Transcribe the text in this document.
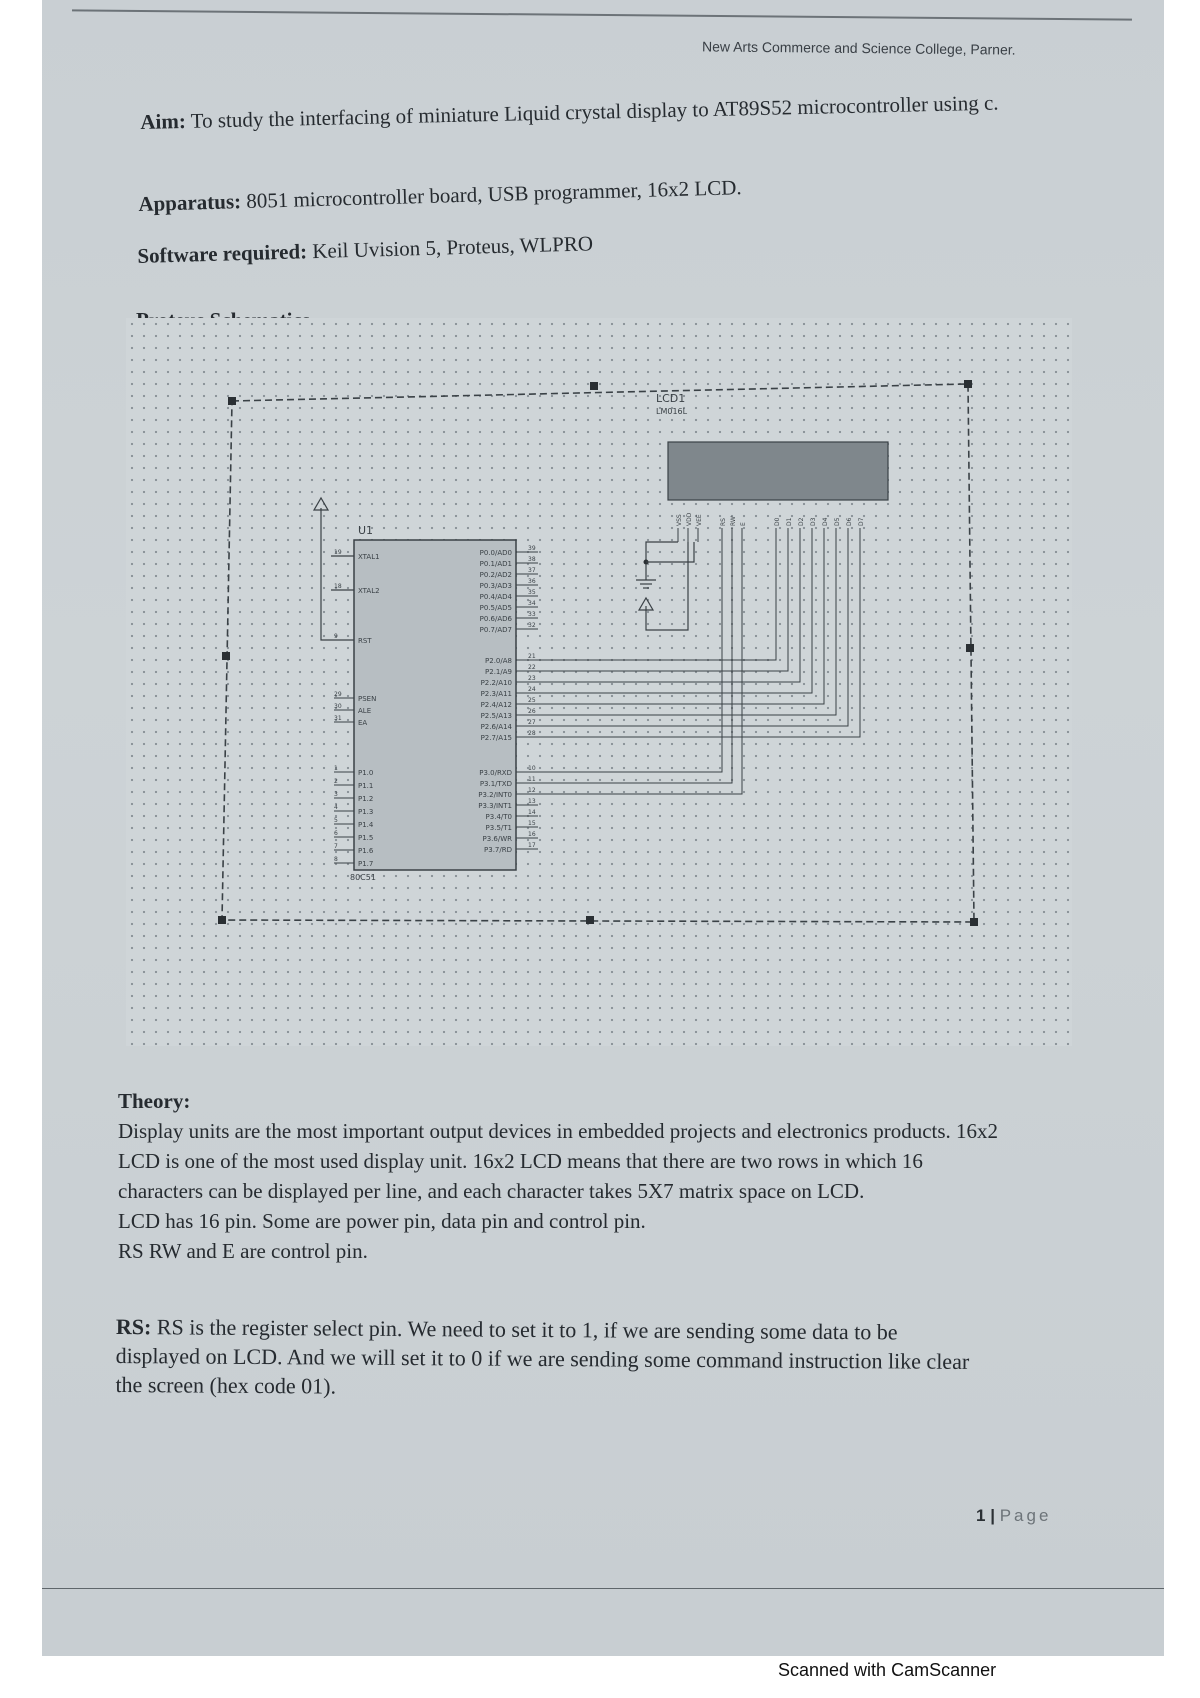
New Arts Commerce and Science College, Parner.
Aim: To study the interfacing of miniature Liquid crystal display to AT89S52 microcontroller using c.
Apparatus: 8051 microcontroller board, USB programmer, 16x2 LCD.
Software required: Keil Uvision 5, Proteus, WLPRO
U1
80C51
XTAL1
19
XTAL2
18
RST
9
PSEN
29
ALE
30
EA
31
P1.0
1
P1.1
2
P1.2
3
P1.3
4
P1.4
5
P1.5
6
P1.6
7
P1.7
8
P0.0/AD0
39
P0.1/AD1
38
P0.2/AD2
37
P0.3/AD3
36
P0.4/AD4
35
P0.5/AD5
34
P0.6/AD6
33
P0.7/AD7
32
P2.0/A8
21
P2.1/A9
22
P2.2/A10
23
P2.3/A11
24
P2.4/A12
25
P2.5/A13
26
P2.6/A14
27
P2.7/A15
28
P3.0/RXD
10
P3.1/TXD
11
P3.2/INT0
12
P3.3/INT1
13
P3.4/T0
14
P3.5/T1
15
P3.6/WR
16
P3.7/RD
17
LCD1
LM016L
VSS VDD VEE	RS RW E	D0 D1 D2 D3 D4 D5 D6 D7
Theory:
Display units are the most important output devices in embedded projects and electronics products. 16x2
LCD is one of the most used display unit. 16x2 LCD means that there are two rows in which 16
characters can be displayed per line, and each character takes 5X7 matrix space on LCD.
LCD has 16 pin. Some are power pin, data pin and control pin.
RS RW and E are control pin.
RS: RS is the register select pin. We need to set it to 1, if we are sending some data to be
displayed on LCD. And we will set it to 0 if we are sending some command instruction like clear
the screen (hex code 01).
1 | Page
Scanned with CamScanner
